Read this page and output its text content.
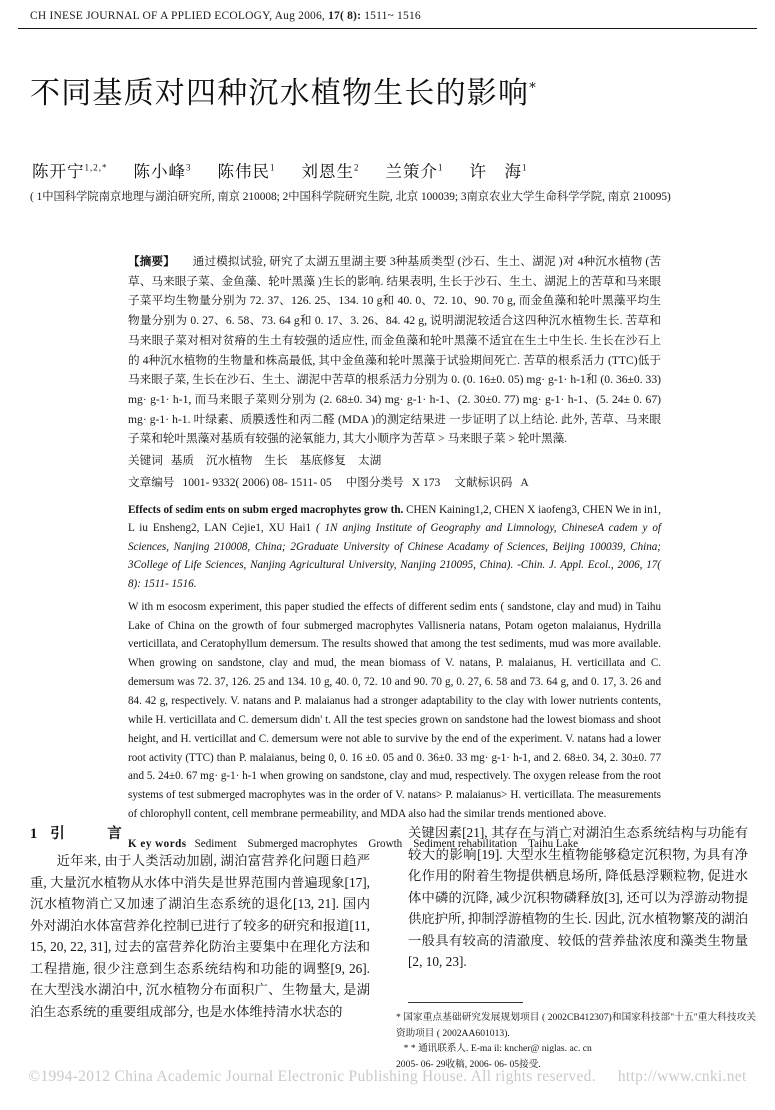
CH INESE JOURNAL OF A PPLIED ECOLOGY, Aug 2006, 17( 8): 1511~ 1516
不同基质对四种沉水植物生长的影响*
陈开宁$^{1,2,*}$ 陈小峰$^3$ 陈伟民$^1$ 刘恩生$^2$ 兰策介$^1$ 许　海$^1$
( 1中国科学院南京地理与湖泊研究所, 南京 210008; 2中国科学院研究生院, 北京 100039; 3南京农业大学生命科学学院, 南京 210095)
【摘要】　　 通过模拟试验, 研究了太湖五里湖主要 3种基质类型 (沙石、生土、湖泥 )对 4种沉水植物 (苦草、马来眼子菜、金鱼藻、轮叶黑藻 )生长的影响. 结果表明, 生长于沙石、生土、湖泥上的苦草和马来眼子菜平均生物量分别为 72. 37、126. 25、134. 10 g和 40. 0、72. 10、90. 70 g, 而金鱼藻和轮叶黑藻平均生物量分别为 0. 27、6. 58、73. 64 g和 0. 17、3. 26、84. 42 g, 说明湖泥较适合这四种沉水植物生长. 苦草和马来眼子菜对相对贫瘠的生土有较强的适应性, 而金鱼藻和轮叶黑藻不适宜在生土中生长. 生长在沙石上的 4种沉水植物的生物量和株高最低, 其中金鱼藻和轮叶黑藻于试验期间死亡. 苦草的根系活力 (TTC)低于马来眼子菜, 生长在沙石、生土、湖泥中苦草的根系活力分别为 0. (0. 16±0. 05) mg· g-1· h-1和 (0. 36±0. 33) mg· g-1· h-1, 而马来眼子菜则分别为 (2. 68±0. 34) mg· g-1· h-1、(2. 30±0. 77) mg· g-1· h-1、(5. 24± 0. 67) mg· g-1· h-1. 叶绿素、质膜透性和丙二醛 (MDA )的测定结果进 一步证明了以上结论. 此外, 苦草、马来眼子菜和轮叶黑藻对基质有较强的泌氧能力, 其大小顺序为苦草 > 马来眼子菜 > 轮叶黑藻.
关键词 基质 沉水植物 生长 基底修复 太湖
文章编号 1001- 9332( 2006) 08- 1511- 05 中图分类号 X 173 文献标识码 A
Effects of sedim ents on subm erged macrophytes grow th. CHEN Kaining1,2, CHEN X iaofeng3, CHEN We in in1, L iu Ensheng2, LAN Cejie1, XU Hai1 ( 1N anjing Institute of Geography and Limnology, ChineseA cadem y of Sciences, Nanjing 210008, China; 2Graduate University of Chinese Acadamy of Sciences, Beijing 100039, China; 3College of Life Sciences, Nanjing Agricultural University, Nanjing 210095, China). -Chin. J. Appl. Ecol., 2006, 17( 8): 1511- 1516.
W ith m esocosm experiment, this paper studied the effects of different sedim ents ( sandstone, clay and mud) in Taihu Lake of China on the growth of four submerged macrophytes Vallisneria natans, Potam ogeton malaianus, Hydrilla verticillata, and Ceratophyllum demersum. The results showed that among the test sediments, mud was more available. When growing on sandstone, clay and mud, the mean biomass of V. natans, P. malaianus, H. verticillata and C. demersum was 72. 37, 126. 25 and 134. 10 g, 40. 0, 72. 10 and 90. 70 g, 0. 27, 6. 58 and 73. 64 g, and 0. 17, 3. 26 and 84. 42 g, respectively. V. natans and P. malaianus had a stronger adaptability to the clay with lower nutrients contents, while H. verticillata and C. demersum didn' t. All the test species grown on sandstone had the lowest biomass and shoot height, and H. verticillat and C. demersum were not able to survive by the end of the experiment. V. natans had a lower root activity (TTC) than P. malaianus, being 0, 0. 16 ±0. 05 and 0. 36±0. 33 mg· g-1· h-1, and 2. 68±0. 34, 2. 30±0. 77 and 5. 24±0. 67 mg· g-1· h-1 when growing on sandstone, clay and mud, respectively. The oxygen release from the root systems of test submerged macrophytes was in the order of V. natans> P. malaianus> H. verticillata. The measurements of chlorophyll content, cell membrane permeability, and MDA also had the similar trends mentioned above.
K ey words Sediment Submerged macrophytes Growth Sediment rehabilitation Taihu Lake
1 引　言

近年来, 由于人类活动加剧, 湖泊富营养化问题日趋严重, 大量沉水植物从水体中消失是世界范围内普遍现象[17], 沉水植物消亡又加速了湖泊生态系统的退化[13, 21]. 国内外对湖泊水体富营养化控制已进行了较多的研究和报道[11, 15, 20, 22, 31], 过去的富营养化防治主要集中在理化方法和工程措施, 很少注意到生态系统结构和功能的调整[9, 26]. 在大型浅水湖泊中, 沉水植物分布面积广、生物量大, 是湖泊生态系统的重要组成部分, 也是水体维持清水状态的

关键因素[21], 其存在与消亡对湖泊生态系统结构与功能有较大的影响[19]. 大型水生植物能够稳定沉积物, 为具有净化作用的附着生物提供栖息场所, 降低悬浮颗粒物, 促进水体中磷的沉降, 减少沉积物磷释放[3], 还可以为浮游动物提供庇护所, 抑制浮游植物的生长. 因此, 沉水植物繁茂的湖泊一般具有较高的清澈度、较低的营养盐浓度和藻类生物量[2, 10, 23].

* 国家重点基础研究发展规划项目 ( 2002CB412307)和国家科技部"十五"重大科技攻关资助项目 ( 2002AA601013).

* * 通讯联系人. E-ma il: kncher@ niglas. ac. cn

2005- 06- 29收稿, 2006- 06- 05接受.

©1994-2012 China Academic Journal Electronic Publishing House. All rights reserved. http://www.cnki.net
